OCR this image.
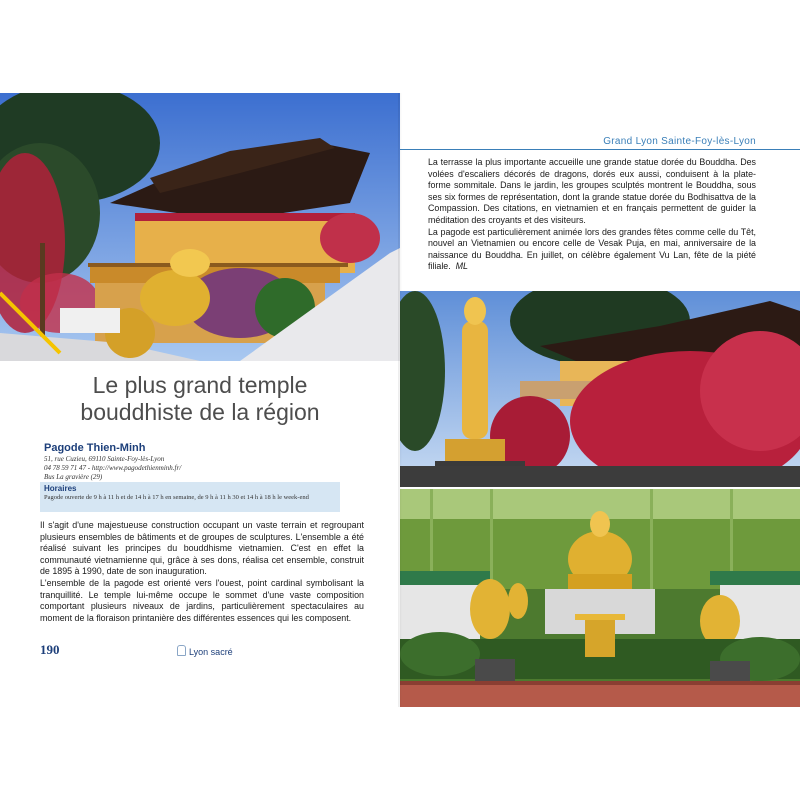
Le plus grand temple
bouddhiste de la région
Pagode Thien-Minh
51, rue Cuzieu, 69110 Sainte-Foy-lès-Lyon
04 78 59 71 47 - http://www.pagodethienminh.fr/
Bus La gravière (29)
Horaires
Pagode ouverte de 9 h à 11 h et de 14 h à 17 h en semaine, de 9 h à 11 h 30 et 14 h à 18 h le week-end

Il s'agit d'une majestueuse construction occupant un vaste terrain et regroupant plusieurs ensembles de bâtiments et de groupes de sculptures. L'ensemble a été réalisé suivant les principes du bouddhisme vietnamien. C'est en effet la communauté vietnamienne qui, grâce à ses dons, réalisa cet ensemble, construit de 1895 à 1990, date de son inauguration.

L'ensemble de la pagode est orienté vers l'ouest, point cardinal symbolisant la tranquillité. Le temple lui-même occupe le sommet d'une vaste composition comportant plusieurs niveaux de jardins, particulièrement spectaculaires au moment de la floraison printanière des différentes essences qui les composent.

190	Lyon sacré
Grand Lyon Sainte-Foy-lès-Lyon

La terrasse la plus importante accueille une grande statue dorée du Bouddha. Des volées d'escaliers décorés de dragons, dorés eux aussi, conduisent à la plate-forme sommitale. Dans le jardin, les groupes sculptés montrent le Bouddha, sous ses six formes de représentation, dont la grande statue dorée du Bodhisattva de la Compassion. Des citations, en vietnamien et en français permettent de guider la méditation des croyants et des visiteurs.

La pagode est particulièrement animée lors des grandes fêtes comme celle du Têt, nouvel an Vietnamien ou encore celle de Vesak Puja, en mai, anniversaire de la naissance du Bouddha. En juillet, on célèbre également Vu Lan, fête de la piété filiale. ML
